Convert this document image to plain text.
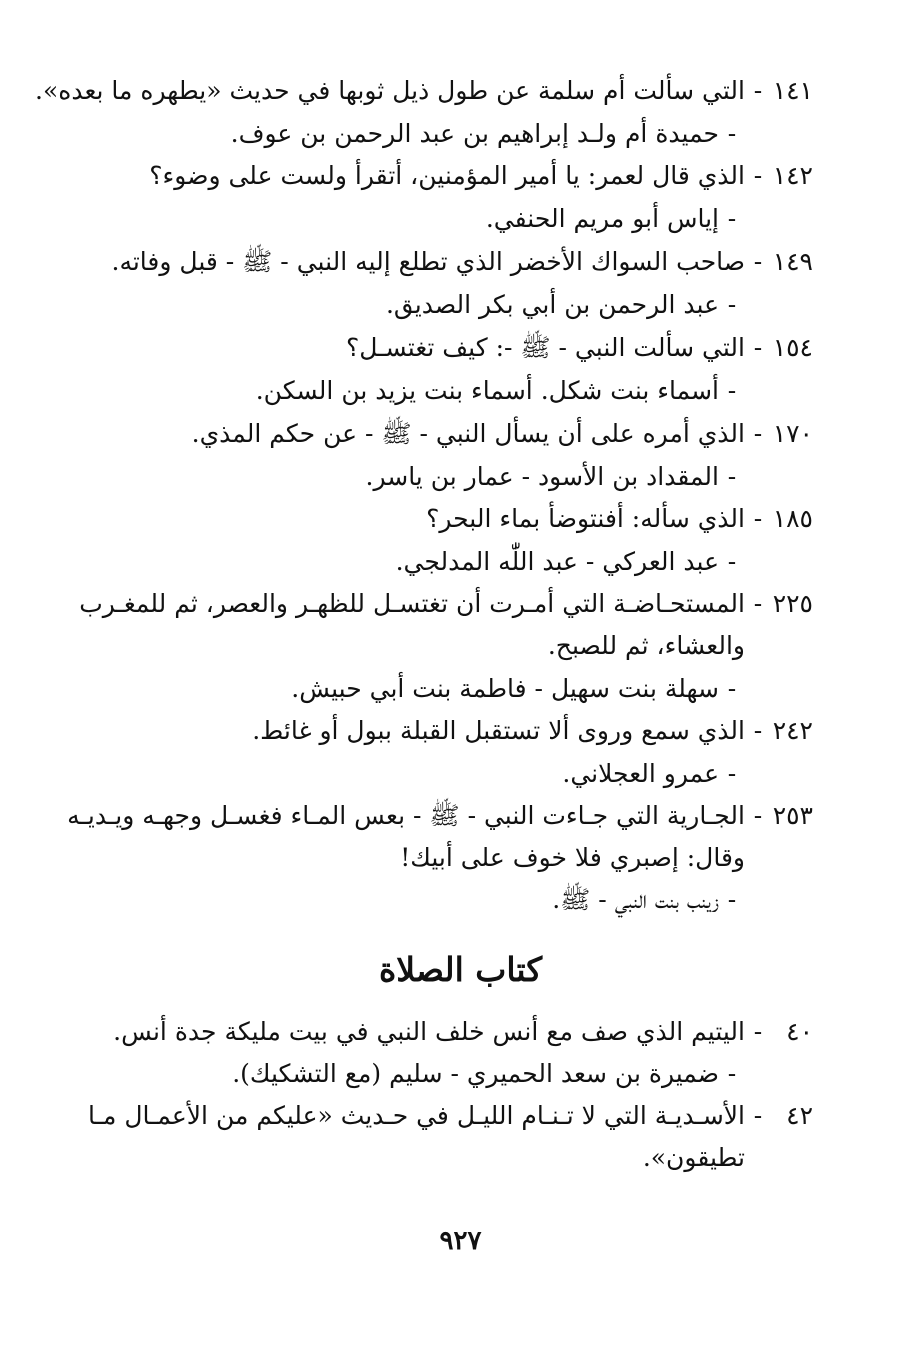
١٤١-التي سألت أم سلمة عن طول ذيل ثوبها في حديث «يطهره ما بعده».
-حميدة أم ولـد إبراهيم بن عبد الرحمن بن عوف.
١٤٢-الذي قال لعمر: يا أمير المؤمنين، أتقرأ ولست على وضوء؟
-إياس أبو مريم الحنفي.
١٤٩-صاحب السواك الأخضر الذي تطلع إليه النبي - ﷺ - قبل وفاته.
-عبد الرحمن بن أبي بكر الصديق.
١٥٤-التي سألت النبي - ﷺ -: كيف تغتسـل؟
-أسماء بنت شكل. أسماء بنت يزيد بن السكن.
١٧٠-الذي أمره على أن يسأل النبي - ﷺ - عن حكم المذي.
-المقداد بن الأسود - عمار بن ياسر.
١٨٥-الذي سأله: أفنتوضأ بماء البحر؟
-عبد العركي - عبد اللّٰه المدلجي.
٢٢٥-المستحـاضـة التي أمـرت أن تغتسـل للظهـر والعصر، ثم للمغـرب
والعشاء، ثم للصبح.
-سهلة بنت سهيل - فاطمة بنت أبي حبيش.
٢٤٢-الذي سمع وروى ألا تستقبل القبلة ببول أو غائط.
-عمرو العجلاني.
٢٥٣-الجـارية التي جـاءت النبي - ﷺ - بعس المـاء فغسـل وجهـه ويـديـه
وقال: إصبري فلا خوف على أبيك!
-زينب بنت النبي - ﷺ.
كتاب الصلاة
٤٠-اليتيم الذي صف مع أنس خلف النبي في بيت مليكة جدة أنس.
-ضميرة بن سعد الحميري - سليم (مع التشكيك).
٤٢-الأسـديـة التي لا تـنـام الليـل في حـديث «عليكم من الأعمـال مـا
تطيقون».
٩٢٧
